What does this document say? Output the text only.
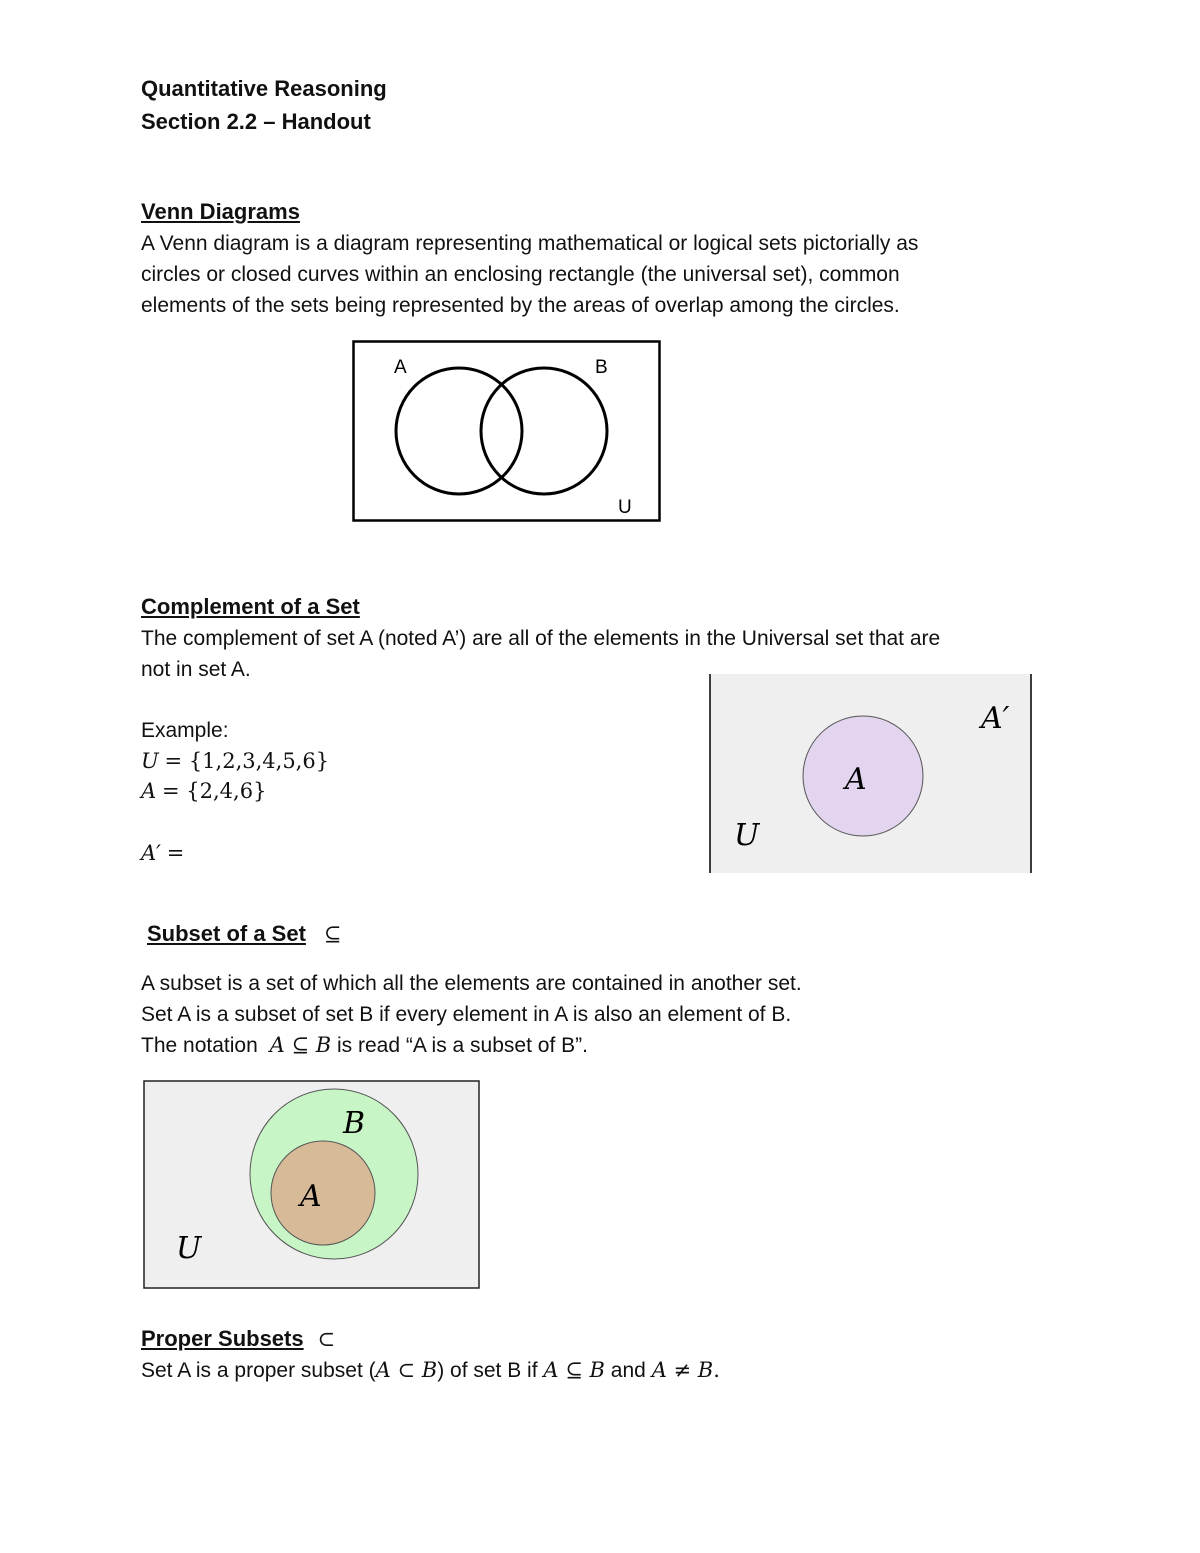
Quantitative Reasoning
Section 2.2 – Handout
Venn Diagrams
A Venn diagram is a diagram representing mathematical or logical sets pictorially as
circles or closed curves within an enclosing rectangle (the universal set), common
elements of the sets being represented by the areas of overlap among the circles.
A	B
U
Complement of a Set
The complement of set A (noted A’) are all of the elements in the Universal set that are
not in set A.
Example:
U = {1,2,3,4,5,6}
A = {2,4,6}
A′ =
A
A′
U
Subset of a Set ⊆
A subset is a set of which all the elements are contained in another set.
Set A is a subset of set B if every element in A is also an element of B.
The notation A ⊆ B is read “A is a subset of B”.
B
A
U
Proper Subsets ⊂
Set A is a proper subset (A ⊂ B) of set B if A ⊆ B and A ≠ B.
